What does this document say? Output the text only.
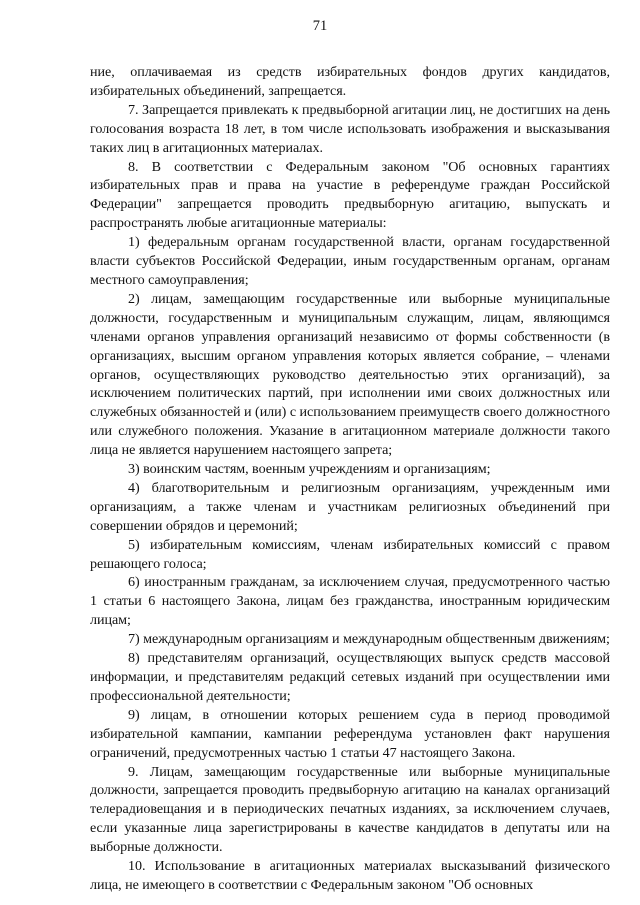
71

ние, оплачиваемая из средств избирательных фондов других кандидатов, избирательных объединений, запрещается.

7. Запрещается привлекать к предвыборной агитации лиц, не достигших на день голосования возраста 18 лет, в том числе использовать изображения и высказывания таких лиц в агитационных материалах.

8. В соответствии с Федеральным законом "Об основных гарантиях избирательных прав и права на участие в референдуме граждан Российской Федерации" запрещается проводить предвыборную агитацию, выпускать и распространять любые агитационные материалы:

1) федеральным органам государственной власти, органам государственной власти субъектов Российской Федерации, иным государственным органам, органам местного самоуправления;

2) лицам, замещающим государственные или выборные муниципальные должности, государственным и муниципальным служащим, лицам, являющимся членами органов управления организаций независимо от формы собственности (в организациях, высшим органом управления которых является собрание, – членами органов, осуществляющих руководство деятельностью этих организаций), за исключением политических партий, при исполнении ими своих должностных или служебных обязанностей и (или) с использованием преимуществ своего должностного или служебного положения. Указание в агитационном материале должности такого лица не является нарушением настоящего запрета;

3) воинским частям, военным учреждениям и организациям;

4) благотворительным и религиозным организациям, учрежденным ими организациям, а также членам и участникам религиозных объединений при совершении обрядов и церемоний;

5) избирательным комиссиям, членам избирательных комиссий с правом решающего голоса;

6) иностранным гражданам, за исключением случая, предусмотренного частью 1 статьи 6 настоящего Закона, лицам без гражданства, иностранным юридическим лицам;

7) международным организациям и международным общественным движениям;

8) представителям организаций, осуществляющих выпуск средств массовой информации, и представителям редакций сетевых изданий при осуществлении ими профессиональной деятельности;

9) лицам, в отношении которых решением суда в период проводимой избирательной кампании, кампании референдума установлен факт нарушения ограничений, предусмотренных частью 1 статьи 47 настоящего Закона.

9. Лицам, замещающим государственные или выборные муниципальные должности, запрещается проводить предвыборную агитацию на каналах организаций телерадиовещания и в периодических печатных изданиях, за исключением случаев, если указанные лица зарегистрированы в качестве кандидатов в депутаты или на выборные должности.

10. Использование в агитационных материалах высказываний физического лица, не имеющего в соответствии с Федеральным законом "Об основных
